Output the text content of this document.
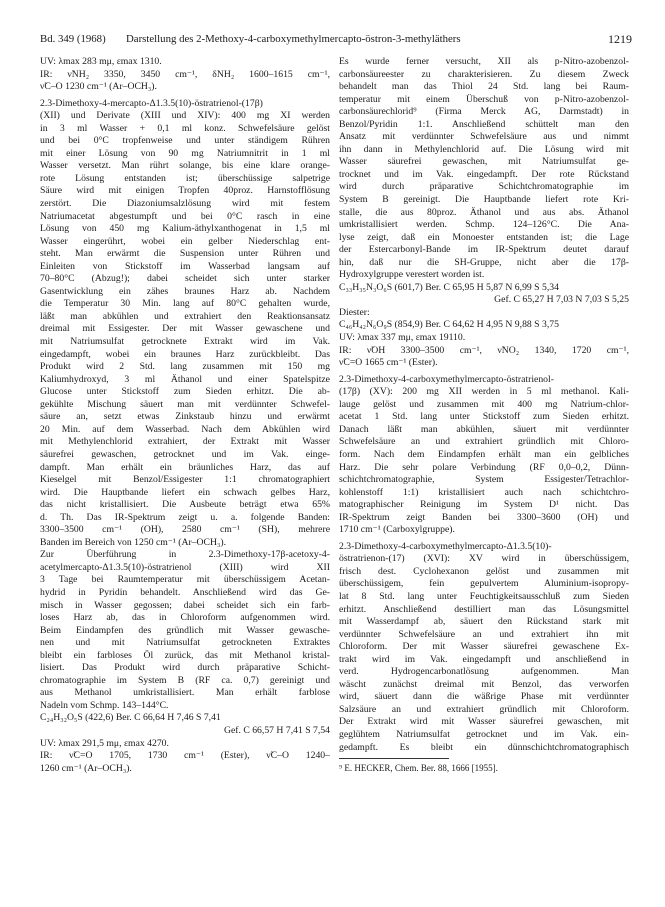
Bd. 349 (1968) Darstellung des 2-Methoxy-4-carboxymethylmercapto-östron-3-methyläthers	1219
UV: λmax 283 mμ, εmax 1310.
IR: ν̃NH₂ 3350, 3450 cm⁻¹, δNH₂ 1600–1615 cm⁻¹,
ν̃C–O 1230 cm⁻¹ (Ar–OCH₃).
2.3-Dimethoxy-4-mercapto-Δ1.3.5(10)-östratrienol-(17β)
(XII) und Derivate (XIII und XIV): 400 mg XI werden
in 3 ml Wasser + 0,1 ml konz. Schwefelsäure gelöst
und bei 0°C tropfenweise und unter ständigem Rühren
mit einer Lösung von 90 mg Natriumnitrit in 1 ml
Wasser versetzt. Man rührt solange, bis eine klare orange-
rote Lösung entstanden ist; überschüssige salpetrige
Säure wird mit einigen Tropfen 40proz. Harnstofflösung
zerstört. Die Diazoniumsalzlösung wird mit festem
Natriumacetat abgestumpft und bei 0°C rasch in eine
Lösung von 450 mg Kalium-äthylxanthogenat in 1,5 ml
Wasser eingerührt, wobei ein gelber Niederschlag ent-
steht. Man erwärmt die Suspension unter Rühren und
Einleiten von Stickstoff im Wasserbad langsam auf
70–80°C (Abzug!); dabei scheidet sich unter starker
Gasentwicklung ein zähes braunes Harz ab. Nachdem
die Temperatur 30 Min. lang auf 80°C gehalten wurde,
läßt man abkühlen und extrahiert den Reaktionsansatz
dreimal mit Essigester. Der mit Wasser gewaschene und
mit Natriumsulfat getrocknete Extrakt wird im Vak.
eingedampft, wobei ein braunes Harz zurückbleibt. Das
Produkt wird 2 Std. lang zusammen mit 150 mg
Kaliumhydroxyd, 3 ml Äthanol und einer Spatelspitze
Glucose unter Stickstoff zum Sieden erhitzt. Die ab-
gekühlte Mischung säuert man mit verdünnter Schwefel-
säure an, setzt etwas Zinkstaub hinzu und erwärmt
20 Min. auf dem Wasserbad. Nach dem Abkühlen wird
mit Methylenchlorid extrahiert, der Extrakt mit Wasser
säurefrei gewaschen, getrocknet und im Vak. einge-
dampft. Man erhält ein bräunliches Harz, das auf
Kieselgel mit Benzol/Essigester 1:1 chromatographiert
wird. Die Hauptbande liefert ein schwach gelbes Harz,
das nicht kristallisiert. Die Ausbeute beträgt etwa 65%
d. Th. Das IR-Spektrum zeigt u. a. folgende Banden:
3300–3500 cm⁻¹ (OH), 2580 cm⁻¹ (SH), mehrere
Banden im Bereich von 1250 cm⁻¹ (Ar–OCH₃).
Zur Überführung in 2.3-Dimethoxy-17β-acetoxy-4-
acetylmercapto-Δ1.3.5(10)-östratrienol (XIII) wird XII
3 Tage bei Raumtemperatur mit überschüssigem Acetan-
hydrid in Pyridin behandelt. Anschließend wird das Ge-
misch in Wasser gegossen; dabei scheidet sich ein farb-
loses Harz ab, das in Chloroform aufgenommen wird.
Beim Eindampfen des gründlich mit Wasser gewasche-
nen und mit Natriumsulfat getrockneten Extraktes
bleibt ein farbloses Öl zurück, das mit Methanol kristal-
lisiert. Das Produkt wird durch präparative Schicht-
chromatographie im System B (RF ca. 0,7) gereinigt und
aus Methanol umkristallisiert. Man erhält farblose
Nadeln vom Schmp. 143–144°C.
C₂₄H₃₂O₅S (422,6) Ber. C 66,64 H 7,46 S 7,41
Gef. C 66,57 H 7,41 S 7,54
UV: λmax 291,5 mμ, εmax 4270.
IR: ν̃C=O 1705, 1730 cm⁻¹ (Ester), ν̃C–O 1240–
1260 cm⁻¹ (Ar–OCH₃).
Es wurde ferner versucht, XII als p-Nitro-azobenzol-
carbonsäureester zu charakterisieren. Zu diesem Zweck
behandelt man das Thiol 24 Std. lang bei Raum-
temperatur mit einem Überschuß von p-Nitro-azobenzol-
carbonsäurechlorid⁹ (Firma Merck AG, Darmstadt) in
Benzol/Pyridin 1:1. Anschließend schüttelt man den
Ansatz mit verdünnter Schwefelsäure aus und nimmt
ihn dann in Methylenchlorid auf. Die Lösung wird mit
Wasser säurefrei gewaschen, mit Natriumsulfat ge-
trocknet und im Vak. eingedampft. Der rote Rückstand
wird durch präparative Schichtchromatographie im
System B gereinigt. Die Hauptbande liefert rote Kri-
stalle, die aus 80proz. Äthanol und aus abs. Äthanol
umkristallisiert werden. Schmp. 124–126°C. Die Ana-
lyse zeigt, daß ein Monoester entstanden ist; die Lage
der Estercarbonyl-Bande im IR-Spektrum deutet darauf
hin, daß nur die SH-Gruppe, nicht aber die 17β-
Hydroxylgruppe verestert worden ist.
C₃₃H₃₅N₃O₆S (601,7) Ber. C 65,95 H 5,87 N 6,99 S 5,34
Gef. C 65,27 H 7,03 N 7,03 S 5,25
Diester:
C₄₆H₄₂N₆O₉S (854,9) Ber. C 64,62 H 4,95 N 9,88 S 3,75
UV: λmax 337 mμ, εmax 19110.
IR: ν̃OH 3300–3500 cm⁻¹, ν̃NO₂ 1340, 1720 cm⁻¹,
ν̃C=O 1665 cm⁻¹ (Ester).
2.3-Dimethoxy-4-carboxymethylmercapto-östratrienol-
(17β) (XV): 200 mg XII werden in 5 ml methanol. Kali-
lauge gelöst und zusammen mit 400 mg Natrium-chlor-
acetat 1 Std. lang unter Stickstoff zum Sieden erhitzt.
Danach läßt man abkühlen, säuert mit verdünnter
Schwefelsäure an und extrahiert gründlich mit Chloro-
form. Nach dem Eindampfen erhält man ein gelbliches
Harz. Die sehr polare Verbindung (RF 0,0–0,2, Dünn-
schichtchromatographie, System Essigester/Tetrachlor-
kohlenstoff 1:1) kristallisiert auch nach schichtchro-
matographischer Reinigung im System D¹ nicht. Das
IR-Spektrum zeigt Banden bei 3300–3600 (OH) und
1710 cm⁻¹ (Carboxylgruppe).
2.3-Dimethoxy-4-carboxymethylmercapto-Δ1.3.5(10)-
östratrienon-(17) (XVI): XV wird in überschüssigem,
frisch dest. Cyclohexanon gelöst und zusammen mit
überschüssigem, fein gepulvertem Aluminium-isopropy-
lat 8 Std. lang unter Feuchtigkeitsausschluß zum Sieden
erhitzt. Anschließend destilliert man das Lösungsmittel
mit Wasserdampf ab, säuert den Rückstand stark mit
verdünnter Schwefelsäure an und extrahiert ihn mit
Chloroform. Der mit Wasser säurefrei gewaschene Ex-
trakt wird im Vak. eingedampft und anschließend in
verd. Hydrogencarbonatlösung aufgenommen. Man
wäscht zunächst dreimal mit Benzol, das verworfen
wird, säuert dann die wäßrige Phase mit verdünnter
Salzsäure an und extrahiert gründlich mit Chloroform.
Der Extrakt wird mit Wasser säurefrei gewaschen, mit
geglühtem Natriumsulfat getrocknet und im Vak. ein-
gedampft. Es bleibt ein dünnschichtchromatographisch
⁹ E. HECKER, Chem. Ber. 88, 1666 [1955].
